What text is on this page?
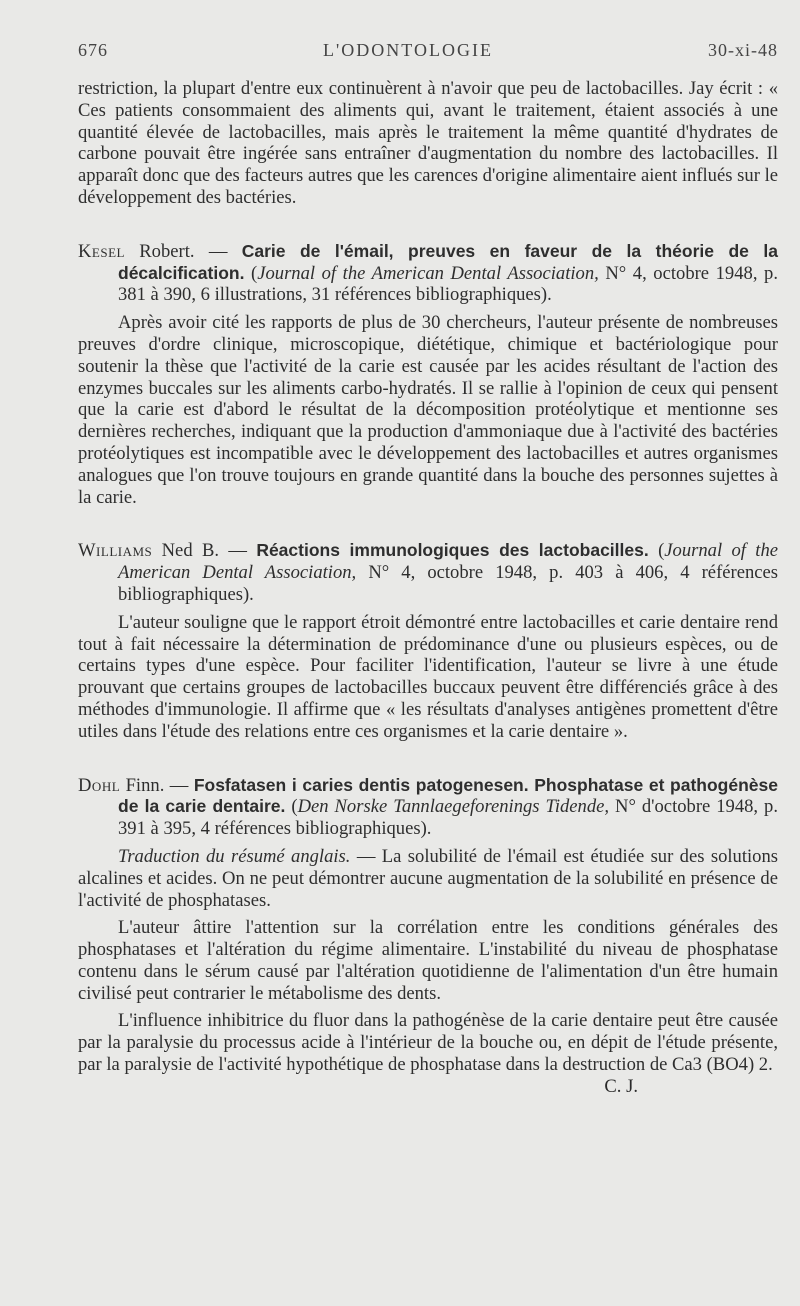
676	L'ODONTOLOGIE	30-xi-48

restriction, la plupart d'entre eux continuèrent à n'avoir que peu de lactobacilles. Jay écrit : « Ces patients consommaient des aliments qui, avant le traitement, étaient associés à une quantité élevée de lactobacilles, mais après le traitement la même quantité d'hydrates de carbone pouvait être ingérée sans entraîner d'augmentation du nombre des lactobacilles. Il apparaît donc que des facteurs autres que les carences d'origine alimentaire aient influés sur le développement des bactéries.

Kesel Robert. — Carie de l'émail, preuves en faveur de la théorie de la décalcification. (Journal of the American Dental Association, N° 4, octobre 1948, p. 381 à 390, 6 illustrations, 31 références bibliographiques).

Après avoir cité les rapports de plus de 30 chercheurs, l'auteur présente de nombreuses preuves d'ordre clinique, microscopique, diététique, chimique et bactériologique pour soutenir la thèse que l'activité de la carie est causée par les acides résultant de l'action des enzymes buccales sur les aliments carbo-hydratés. Il se rallie à l'opinion de ceux qui pensent que la carie est d'abord le résultat de la décomposition protéolytique et mentionne ses dernières recherches, indiquant que la production d'ammoniaque due à l'activité des bactéries protéolytiques est incompatible avec le développement des lactobacilles et autres organismes analogues que l'on trouve toujours en grande quantité dans la bouche des personnes sujettes à la carie.

Williams Ned B. — Réactions immunologiques des lactobacilles. (Journal of the American Dental Association, N° 4, octobre 1948, p. 403 à 406, 4 références bibliographiques).

L'auteur souligne que le rapport étroit démontré entre lactobacilles et carie dentaire rend tout à fait nécessaire la détermination de prédominance d'une ou plusieurs espèces, ou de certains types d'une espèce. Pour faciliter l'identification, l'auteur se livre à une étude prouvant que certains groupes de lactobacilles buccaux peuvent être différenciés grâce à des méthodes d'immunologie. Il affirme que « les résultats d'analyses antigènes promettent d'être utiles dans l'étude des relations entre ces organismes et la carie dentaire ».

Dohl Finn. — Fosfatasen i caries dentis patogenesen. Phosphatase et pathogénèse de la carie dentaire. (Den Norske Tannlaegeforenings Tidende, N° d'octobre 1948, p. 391 à 395, 4 références bibliographiques).

Traduction du résumé anglais. — La solubilité de l'émail est étudiée sur des solutions alcalines et acides. On ne peut démontrer aucune augmentation de la solubilité en présence de l'activité de phosphatases.

L'auteur âttire l'attention sur la corrélation entre les conditions générales des phosphatases et l'altération du régime alimentaire. L'instabilité du niveau de phosphatase contenu dans le sérum causé par l'altération quotidienne de l'alimentation d'un être humain civilisé peut contrarier le métabolisme des dents.

L'influence inhibitrice du fluor dans la pathogénèse de la carie dentaire peut être causée par la paralysie du processus acide à l'intérieur de la bouche ou, en dépit de l'étude présente, par la paralysie de l'activité hypothétique de phosphatase dans la destruction de Ca3 (BO4) 2.

C. J.
